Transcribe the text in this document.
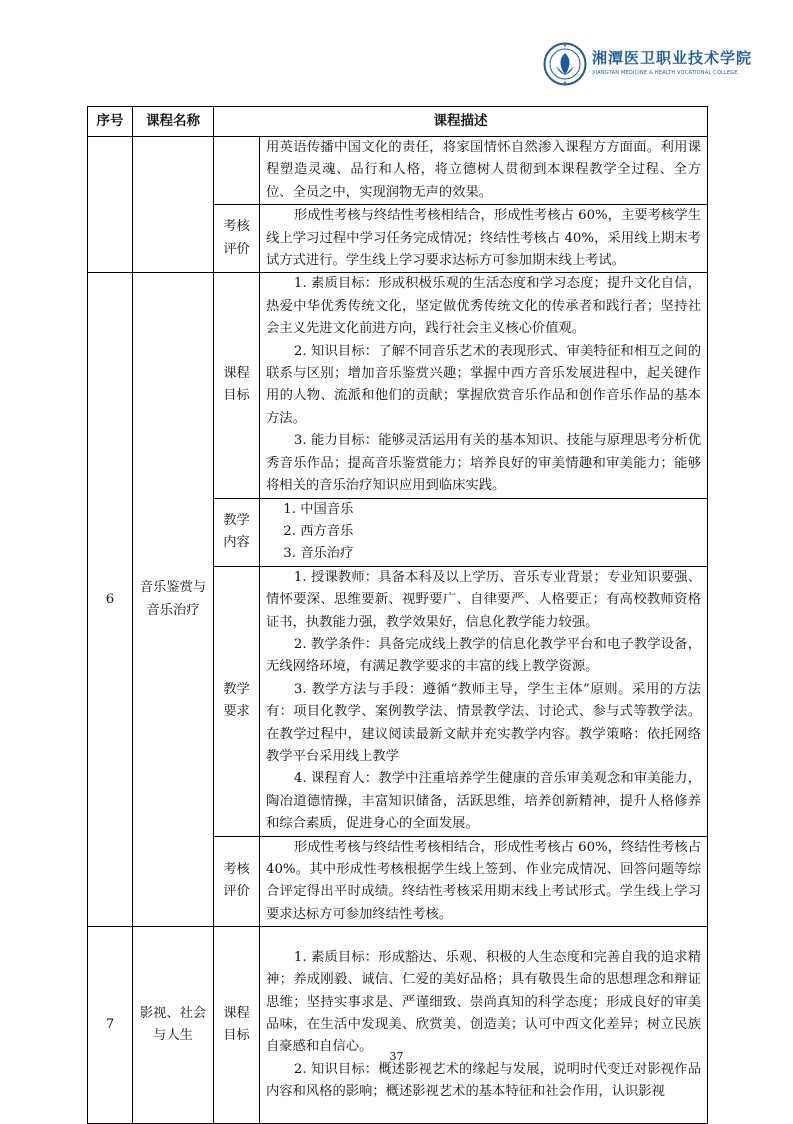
湘潭医卫职业技术学院
XIANGTAN MEDICINE & HEALTH VOCATIONAL COLLEGE
序号	课程名称	课程描述	

			用英语传播中国文化的责任，将家国情怀自然渗入课程方方面面。利用课程塑造灵魂、品行和人格，将立德树人贯彻到本课程教学全过程、全方位、全员之中，实现润物无声的效果。

		考核评价	形成性考核与终结性考核相结合，形成性考核占 60%，主要考核学生线上学习过程中学习任务完成情况；终结性考核占 40%，采用线上期末考试方式进行。学生线上学习要求达标方可参加期末线上考试。

6	音乐鉴赏与音乐治疗	课程目标	1. 素质目标：形成积极乐观的生活态度和学习态度；提升文化自信，热爱中华优秀传统文化，坚定做优秀传统文化的传承者和践行者；坚持社会主义先进文化前进方向，践行社会主义核心价值观。

2. 知识目标：了解不同音乐艺术的表现形式、审美特征和相互之间的联系与区别；增加音乐鉴赏兴趣；掌握中西方音乐发展进程中，起关键作用的人物、流派和他们的贡献；掌握欣赏音乐作品和创作音乐作品的基本方法。

3. 能力目标：能够灵活运用有关的基本知识、技能与原理思考分析优秀音乐作品；提高音乐鉴赏能力；培养良好的审美情趣和审美能力；能够将相关的音乐治疗知识应用到临床实践。

		教学内容	1. 中国音乐

2. 西方音乐

3. 音乐治疗

		教学要求	1. 授课教师：具备本科及以上学历、音乐专业背景；专业知识要强、情怀要深、思维要新、视野要广、自律要严、人格要正；有高校教师资格证书，执教能力强，教学效果好，信息化教学能力较强。

2. 教学条件：具备完成线上教学的信息化教学平台和电子教学设备，无线网络环境，有满足教学要求的丰富的线上教学资源。

3. 教学方法与手段：遵循“教师主导，学生主体”原则。采用的方法有：项目化教学、案例教学法、情景教学法、讨论式、参与式等教学法。在教学过程中，建议阅读最新文献并充实教学内容。教学策略：依托网络教学平台采用线上教学

4. 课程育人：教学中注重培养学生健康的音乐审美观念和审美能力，陶冶道德情操，丰富知识储备，活跃思维，培养创新精神，提升人格修养和综合素质，促进身心的全面发展。

		考核评价	形成性考核与终结性考核相结合，形成性考核占 60%，终结性考核占 40%。其中形成性考核根据学生线上签到、作业完成情况、回答问题等综合评定得出平时成绩。终结性考核采用期末线上考试形式。学生线上学习要求达标方可参加终结性考核。

7	影视、社会与人生	课程目标	1. 素质目标：形成豁达、乐观、积极的人生态度和完善自我的追求精神；养成刚毅、诚信、仁爱的美好品格；具有敬畏生命的思想理念和辩证思维；坚持实事求是、严谨细致、崇尚真知的科学态度；形成良好的审美品味，在生活中发现美、欣赏美、创造美；认可中西文化差异；树立民族自豪感和自信心。

2. 知识目标：概述影视艺术的缘起与发展，说明时代变迁对影视作品内容和风格的影响；概述影视艺术的基本特征和社会作用，认识影视

37
